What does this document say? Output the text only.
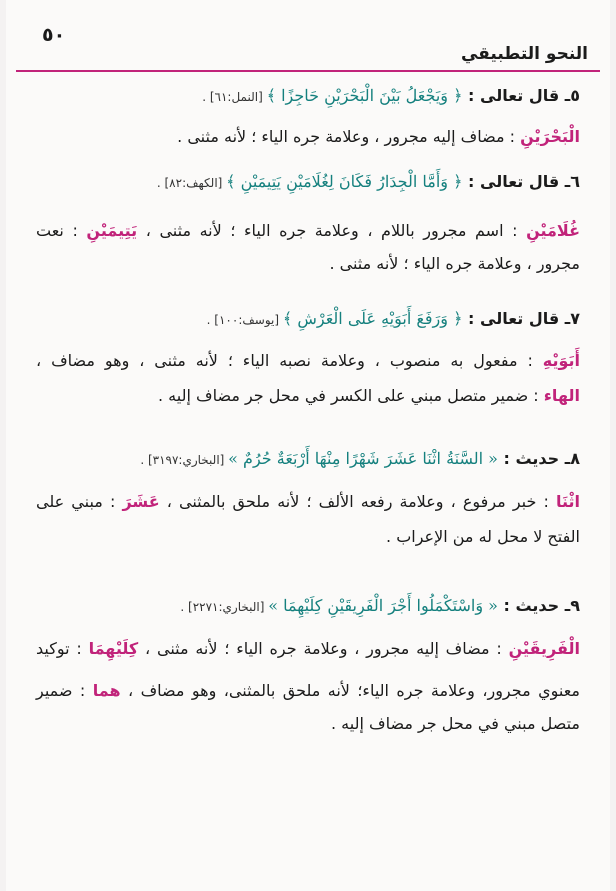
٥٠
النحو التطبيقي
٥ـ قال تعالى : ﴿ وَيَجْعَلُ بَيْنَ الْبَحْرَيْنِ حَاجِزًا ﴾ [النمل:٦١] .
الْبَحْرَيْنِ : مضاف إليه مجرور ، وعلامة جره الياء ؛ لأنه مثنى .
٦ـ قال تعالى : ﴿ وَأَمَّا الْجِدَارُ فَكَانَ لِغُلَامَيْنِ يَتِيمَيْنِ ﴾ [الكهف:٨٢] .
غُلَامَيْنِ : اسم مجرور باللام ، وعلامة جره الياء ؛ لأنه مثنى ، يَتِيمَيْنِ : نعت
مجرور ، وعلامة جره الياء ؛ لأنه مثنى .
٧ـ قال تعالى : ﴿ وَرَفَعَ أَبَوَيْهِ عَلَى الْعَرْشِ ﴾ [يوسف:١٠٠] .
أَبَوَيْهِ : مفعول به منصوب ، وعلامة نصبه الياء ؛ لأنه مثنى ، وهو مضاف ،
الهاء : ضمير متصل مبني على الكسر في محل جر مضاف إليه .
٨ـ حديث : « السَّنَةُ اثْنَا عَشَرَ شَهْرًا مِنْهَا أَرْبَعَةٌ حُرُمٌ » [البخاري:٣١٩٧] .
اثْنَا : خبر مرفوع ، وعلامة رفعه الألف ؛ لأنه ملحق بالمثنى ، عَشَرَ : مبني على
الفتح لا محل له من الإعراب .
٩ـ حديث : « وَاسْتَكْمَلُوا أَجْرَ الْفَرِيقَيْنِ كِلَيْهِمَا » [البخاري:٢٢٧١] .
الْفَرِيقَيْنِ : مضاف إليه مجرور ، وعلامة جره الياء ؛ لأنه مثنى ، كِلَيْهِمَا : توكيد
معنوي مجرور، وعلامة جره الياء؛ لأنه ملحق بالمثنى، وهو مضاف ، هما : ضمير
متصل مبني في محل جر مضاف إليه .
